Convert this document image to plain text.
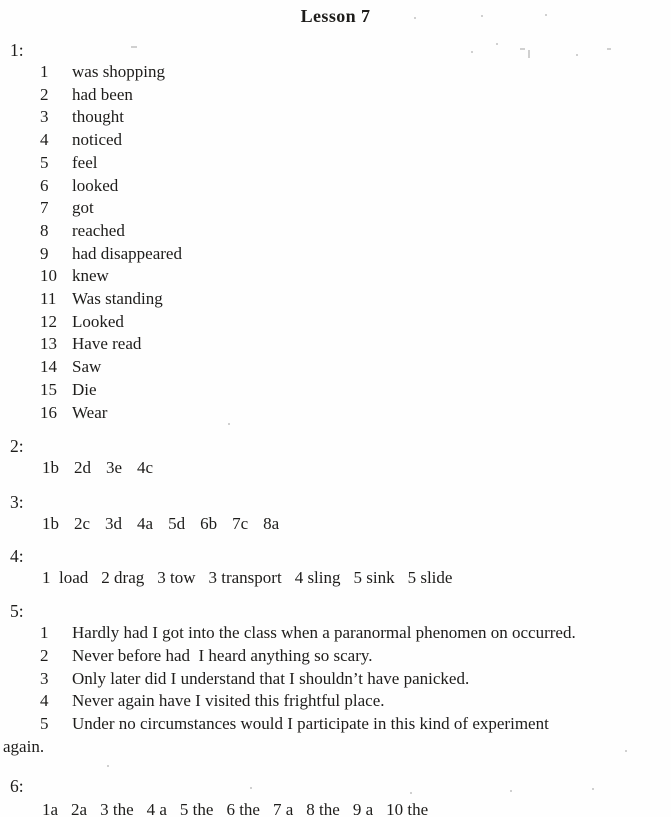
Lesson 7
1:
1	was shopping
2	had been
3	thought
4	noticed
5	feel
6	looked
7	got
8	reached
9	had disappeared
10 knew
11 Was standing
12 Looked
13 Have read
14 Saw
15 Die
16 Wear
2:
1b 2d 3e 4c
3:
1b 2c 3d 4a 5d 6b 7c 8a
4:
1  load 2 drag 3 tow 3 transport 4 sling 5 sink 5 slide
5:
1	Hardly had I got into the class when a paranormal phenomen on occurred.
2	Never before had  I heard anything so scary.
3	Only later did I understand that I shouldn’t have panicked.
4	Never again have I visited this frightful place.
5	Under no circumstances would I participate in this kind of experiment
again.
6:
1a 2a 3 the 4 a 5 the 6 the 7 a 8 the 9 a 10 the
